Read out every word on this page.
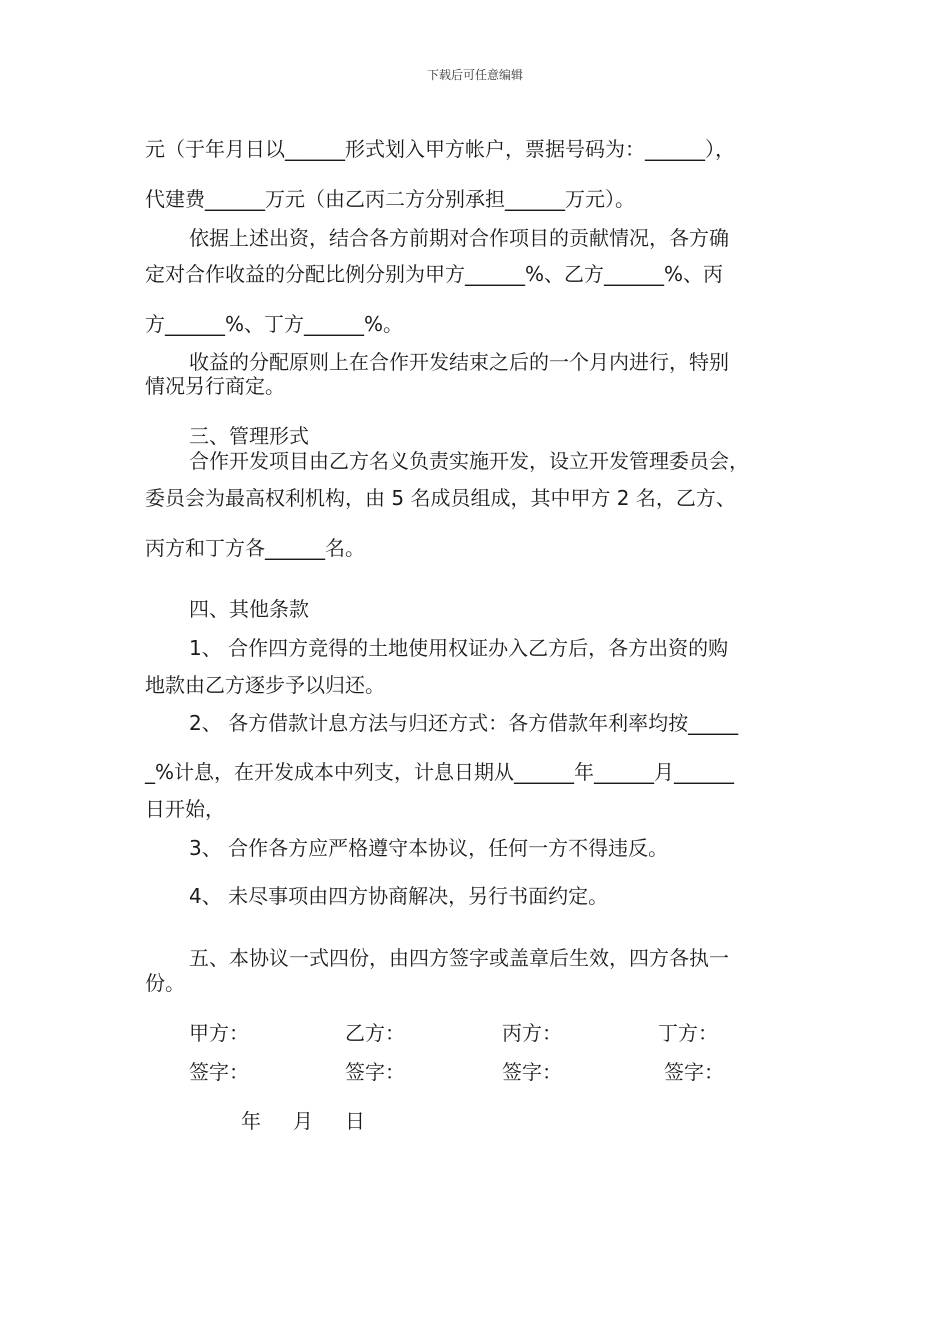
下载后可任意编辑
元（于年月日以______形式划入甲方帐户，票据号码为：______），
代建费______万元（由乙丙二方分别承担______万元）。
依据上述出资，结合各方前期对合作项目的贡献情况，各方确
定对合作收益的分配比例分别为甲方______%、乙方______%、丙
方______%、丁方______%。
收益的分配原则上在合作开发结束之后的一个月内进行，特别
情况另行商定。
三、管理形式
合作开发项目由乙方名义负责实施开发，设立开发管理委员会，
委员会为最高权利机构，由 5 名成员组成，其中甲方 2 名，乙方、
丙方和丁方各______名。
四、其他条款
1、 合作四方竞得的土地使用权证办入乙方后，各方出资的购
地款由乙方逐步予以归还。
2、 各方借款计息方法与归还方式：各方借款年利率均按_____
_%计息，在开发成本中列支，计息日期从______年______月______
日开始，
3、 合作各方应严格遵守本协议，任何一方不得违反。
4、 未尽事项由四方协商解决，另行书面约定。
五、本协议一式四份，由四方签字或盖章后生效，四方各执一
份。
甲方：	乙方：	丙方：	丁方：
签字：	签字：	签字：	签字：
年 月 日
